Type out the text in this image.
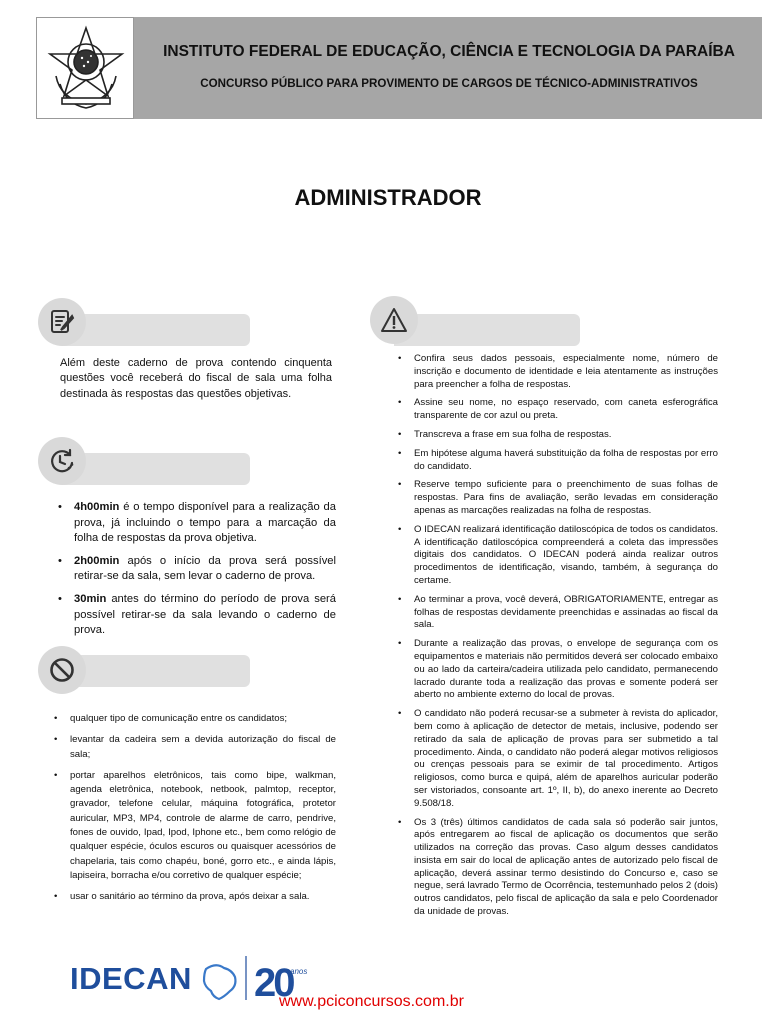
INSTITUTO FEDERAL DE EDUCAÇÃO, CIÊNCIA E TECNOLOGIA DA PARAÍBA
CONCURSO PÚBLICO PARA PROVIMENTO DE CARGOS DE TÉCNICO-ADMINISTRATIVOS
ADMINISTRADOR
Além deste caderno de prova contendo cinquenta questões você receberá do fiscal de sala uma folha destinada às respostas das questões objetivas.
• 4h00min é o tempo disponível para a realização da prova, já incluindo o tempo para a marcação da folha de respostas da prova objetiva.
• 2h00min após o início da prova será possível retirar-se da sala, sem levar o caderno de prova.
• 30min antes do término do período de prova será possível retirar-se da sala levando o caderno de prova.
• qualquer tipo de comunicação entre os candidatos;
• levantar da cadeira sem a devida autorização do fiscal de sala;
• portar aparelhos eletrônicos, tais como bipe, walkman, agenda eletrônica, notebook, netbook, palmtop, receptor, gravador, telefone celular, máquina fotográfica, protetor auricular, MP3, MP4, controle de alarme de carro, pendrive, fones de ouvido, Ipad, Ipod, Iphone etc., bem como relógio de qualquer espécie, óculos escuros ou quaisquer acessórios de chapelaria, tais como chapéu, boné, gorro etc., e ainda lápis, lapiseira, borracha e/ou corretivo de qualquer espécie;
• usar o sanitário ao término da prova, após deixar a sala.
• Confira seus dados pessoais, especialmente nome, número de inscrição e documento de identidade e leia atentamente as instruções para preencher a folha de respostas.
• Assine seu nome, no espaço reservado, com caneta esferográfica transparente de cor azul ou preta.
• Transcreva a frase em sua folha de respostas.
• Em hipótese alguma haverá substituição da folha de respostas por erro do candidato.
• Reserve tempo suficiente para o preenchimento de suas folhas de respostas. Para fins de avaliação, serão levadas em consideração apenas as marcações realizadas na folha de respostas.
• O IDECAN realizará identificação datiloscópica de todos os candidatos. A identificação datiloscópica compreenderá a coleta das impressões digitais dos candidatos. O IDECAN poderá ainda realizar outros procedimentos de identificação, visando, também, à segurança do certame.
• Ao terminar a prova, você deverá, OBRIGATORIAMENTE, entregar as folhas de respostas devidamente preenchidas e assinadas ao fiscal da sala.
• Durante a realização das provas, o envelope de segurança com os equipamentos e materiais não permitidos deverá ser colocado embaixo ou ao lado da carteira/cadeira utilizada pelo candidato, permanecendo lacrado durante toda a realização das provas e somente poderá ser aberto no ambiente externo do local de provas.
• O candidato não poderá recusar-se a submeter à revista do aplicador, bem como à aplicação de detector de metais, inclusive, podendo ser retirado da sala de aplicação de provas para ser submetido a tal procedimento. Ainda, o candidato não poderá alegar motivos religiosos ou crenças pessoais para se eximir de tal procedimento. Artigos religiosos, como burca e quipá, além de aparelhos auricular poderão ser vistoriados, consoante art. 1º, II, b), do anexo inerente ao Decreto 9.508/18.
• Os 3 (três) últimos candidatos de cada sala só poderão sair juntos, após entregarem ao fiscal de aplicação os documentos que serão utilizados na correção das provas. Caso algum desses candidatos insista em sair do local de aplicação antes de autorizado pelo fiscal de aplicação, deverá assinar termo desistindo do Concurso e, caso se negue, será lavrado Termo de Ocorrência, testemunhado pelos 2 (dois) outros candidatos, pelo fiscal de aplicação da sala e pelo Coordenador da unidade de provas.
IDECAN 20
anos
www.pciconcursos.com.br
